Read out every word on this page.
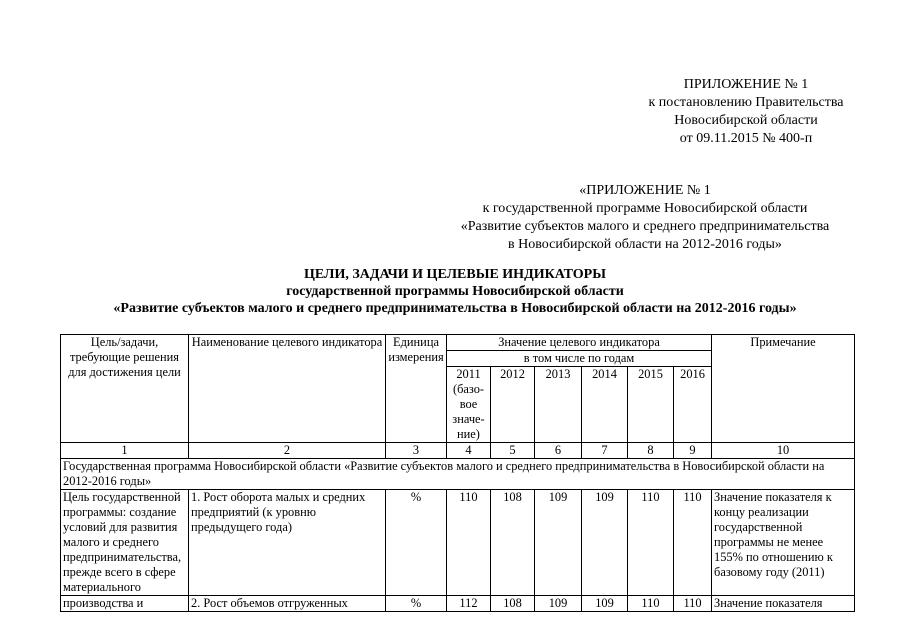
ПРИЛОЖЕНИЕ № 1
к постановлению Правительства
Новосибирской области
от 09.11.2015 № 400-п
«ПРИЛОЖЕНИЕ № 1
к государственной программе Новосибирской области
«Развитие субъектов малого и среднего предпринимательства
в Новосибирской области на 2012-2016 годы»
ЦЕЛИ, ЗАДАЧИ И ЦЕЛЕВЫЕ ИНДИКАТОРЫ
государственной программы Новосибирской области
«Развитие субъектов малого и среднего предпринимательства в Новосибирской области на 2012-2016 годы»
Цель/задачи, требующие решения для достижения цели	Наименование целевого индикатора	Единица измерения	Значение целевого индикатора						Примечание
			в том числе по годам						
			2011 (базо-вое значе-ние)	2012	2013	2014	2015	2016	
1	2	3	4	5	6	7	8	9	10
Государственная программа Новосибирской области «Развитие субъектов малого и среднего предпринимательства в Новосибирской области на 2012-2016 годы»									
Цель государственной программы: создание условий для развития малого и среднего предпринимательства, прежде всего в сфере материального	1. Рост оборота малых и средних предприятий (к уровню предыдущего года)	%	110	108	109	109	110	110	Значение показателя к концу реализации государственной программы не менее 155% по отношению к базовому году (2011)

производства и	2. Рост объемов отгруженных	%	112	108	109	109	110	110	Значение показателя
